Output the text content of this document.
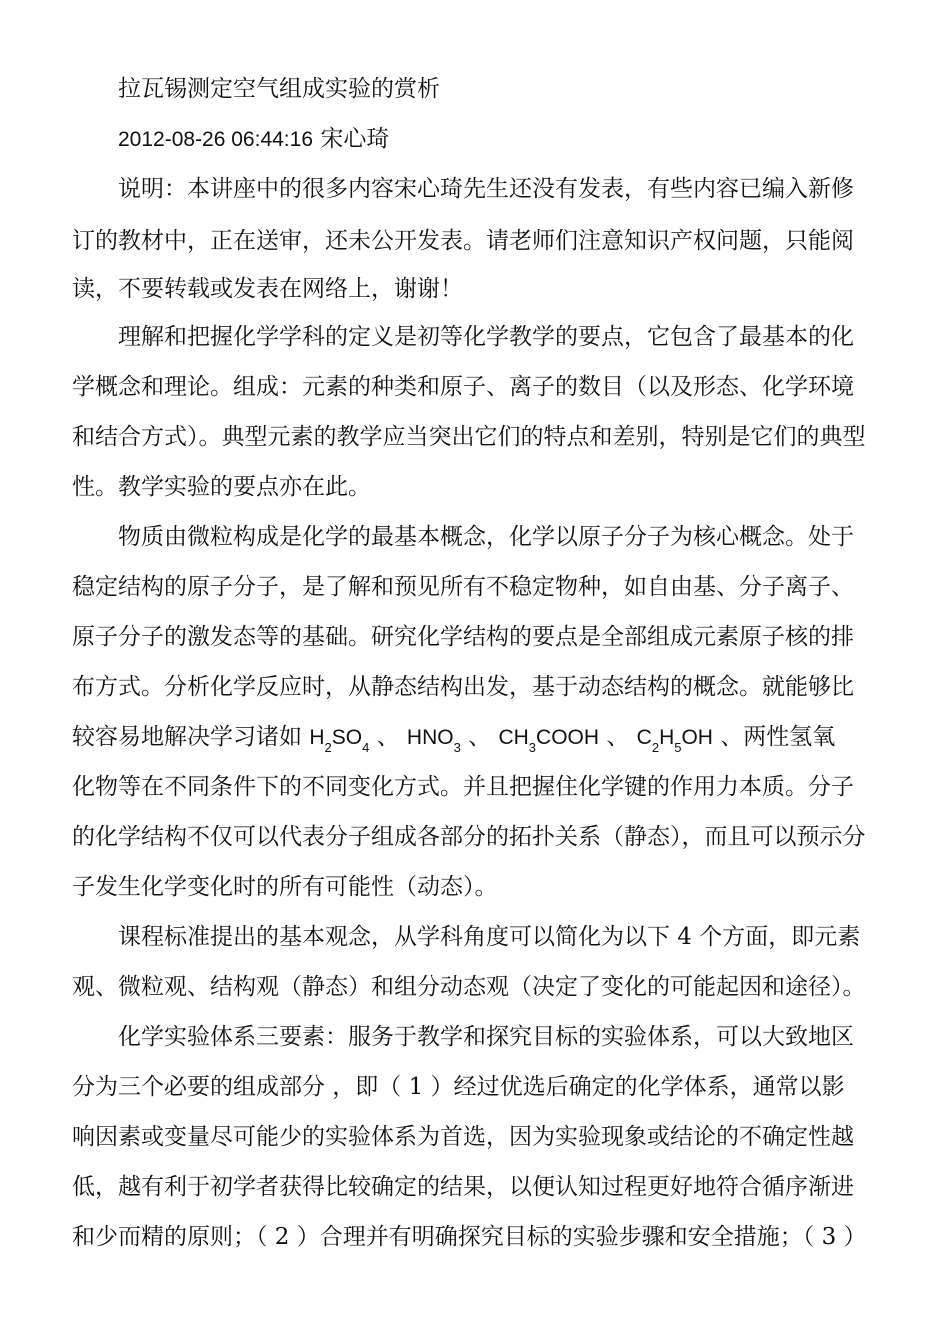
拉瓦锡测定空气组成实验的赏析
2012-08-26 06:44:16 宋心琦
说明：本讲座中的很多内容宋心琦先生还没有发表，有些内容已编入新修
订的教材中，正在送审，还未公开发表。请老师们注意知识产权问题，只能阅
读，不要转载或发表在网络上，谢谢！
理解和把握化学学科的定义是初等化学教学的要点，它包含了最基本的化
学概念和理论。组成：元素的种类和原子、离子的数目（以及形态、化学环境
和结合方式）。典型元素的教学应当突出它们的特点和差别，特别是它们的典型
性。教学实验的要点亦在此。
物质由微粒构成是化学的最基本概念，化学以原子分子为核心概念。处于
稳定结构的原子分子，是了解和预见所有不稳定物种，如自由基、分子离子、
原子分子的激发态等的基础。研究化学结构的要点是全部组成元素原子核的排
布方式。分析化学反应时，从静态结构出发，基于动态结构的概念。就能够比
较容易地解决学习诸如 $H_2SO_4$ 、 $HNO_3$ 、 $CH_3COOH$ 、 $C_2H_5OH$ 、两性氢氧
化物等在不同条件下的不同变化方式。并且把握住化学键的作用力本质。分子
的化学结构不仅可以代表分子组成各部分的拓扑关系（静态），而且可以预示分
子发生化学变化时的所有可能性（动态）。
课程标准提出的基本观念，从学科角度可以简化为以下 4 个方面，即元素
观、微粒观、结构观（静态）和组分动态观（决定了变化的可能起因和途径）。
化学实验体系三要素：服务于教学和探究目标的实验体系，可以大致地区
分为三个必要的组成部分 ，即（ 1 ）经过优选后确定的化学体系，通常以影
响因素或变量尽可能少的实验体系为首选，因为实验现象或结论的不确定性越
低，越有利于初学者获得比较确定的结果，以便认知过程更好地符合循序渐进
和少而精的原则；（ 2 ）合理并有明确探究目标的实验步骤和安全措施；（ 3 ）
